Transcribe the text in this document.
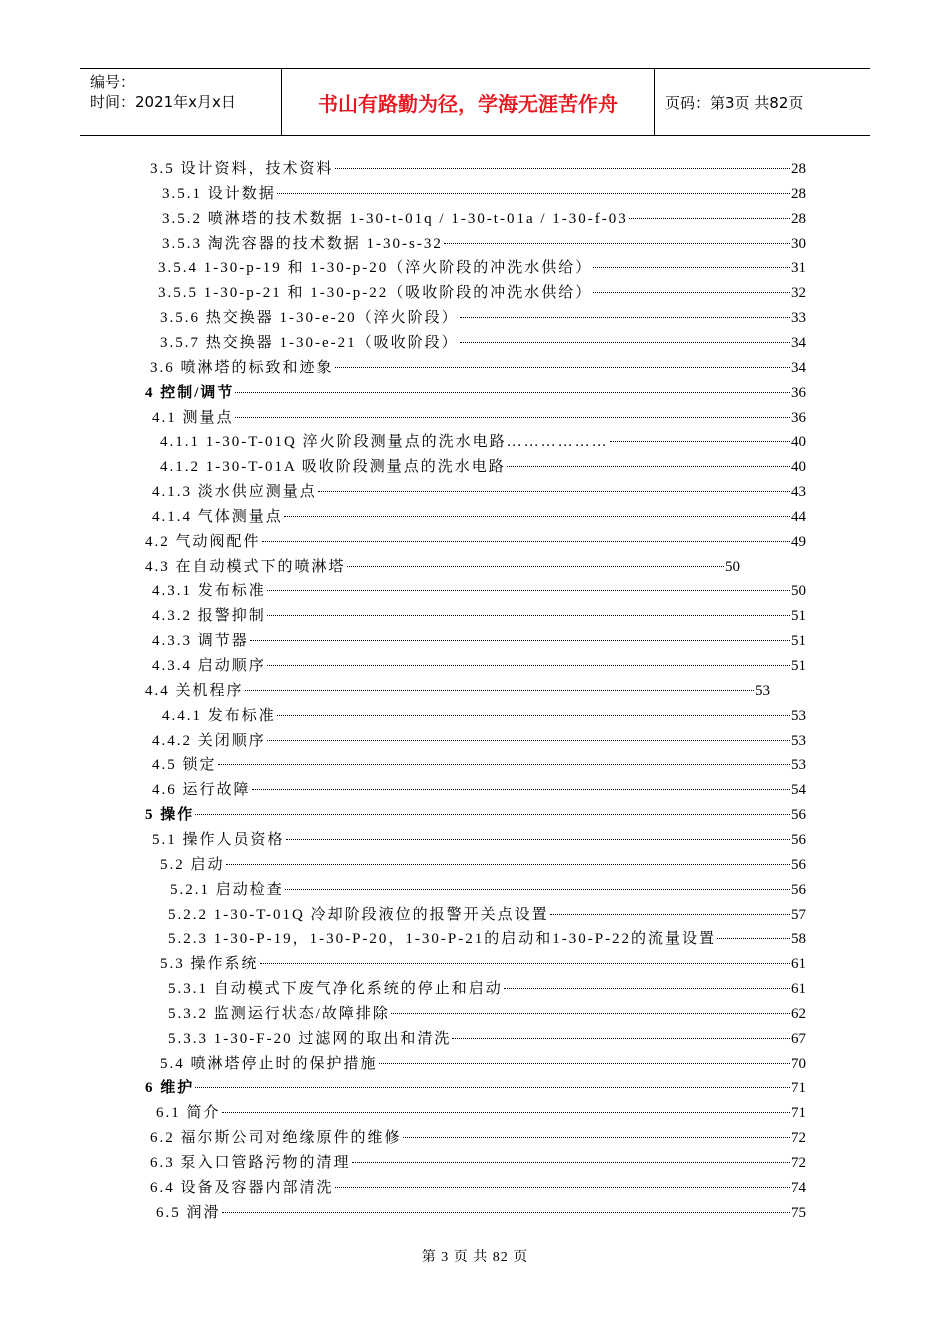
编号：
时间：2021年x月x日	书山有路勤为径，学海无涯苦作舟	页码：第3页 共82页
3.5 设计资料，技术资料	28
3.5.1 设计数据	28
3.5.2 喷淋塔的技术数据 1-30-t-01q / 1-30-t-01a / 1-30-f-03	28
3.5.3 淘洗容器的技术数据 1-30-s-32	30
3.5.4 1-30-p-19 和 1-30-p-20（淬火阶段的冲洗水供给）	31
3.5.5 1-30-p-21 和 1-30-p-22（吸收阶段的冲洗水供给）	32
3.5.6 热交换器 1-30-e-20（淬火阶段）	33
3.5.7 热交换器 1-30-e-21（吸收阶段）	34
3.6 喷淋塔的标致和迹象	34
4 控制/调节	36
4.1 测量点	36
4.1.1 1-30-T-01Q 淬火阶段测量点的洗水电路………………	40
4.1.2 1-30-T-01A 吸收阶段测量点的洗水电路	40
4.1.3 淡水供应测量点	43
4.1.4 气体测量点	44
4.2 气动阀配件	49
4.3 在自动模式下的喷淋塔	50
4.3.1 发布标准	50
4.3.2 报警抑制	51
4.3.3 调节器	51
4.3.4 启动顺序	51
4.4 关机程序	53
4.4.1 发布标准	53
4.4.2 关闭顺序	53
4.5 锁定	53
4.6 运行故障	54
5 操作	56
5.1 操作人员资格	56
5.2 启动	56
5.2.1 启动检查	56
5.2.2 1-30-T-01Q 冷却阶段液位的报警开关点设置	57
5.2.3 1-30-P-19，1-30-P-20，1-30-P-21的启动和1-30-P-22的流量设置	58
5.3 操作系统	61
5.3.1 自动模式下废气净化系统的停止和启动	61
5.3.2 监测运行状态/故障排除	62
5.3.3 1-30-F-20 过滤网的取出和清洗	67
5.4 喷淋塔停止时的保护措施	70
6 维护	71
6.1 简介	71
6.2 福尔斯公司对绝缘原件的维修	72
6.3 泵入口管路污物的清理	72
6.4 设备及容器内部清洗	74
6.5 润滑	75
第 3 页 共 82 页
